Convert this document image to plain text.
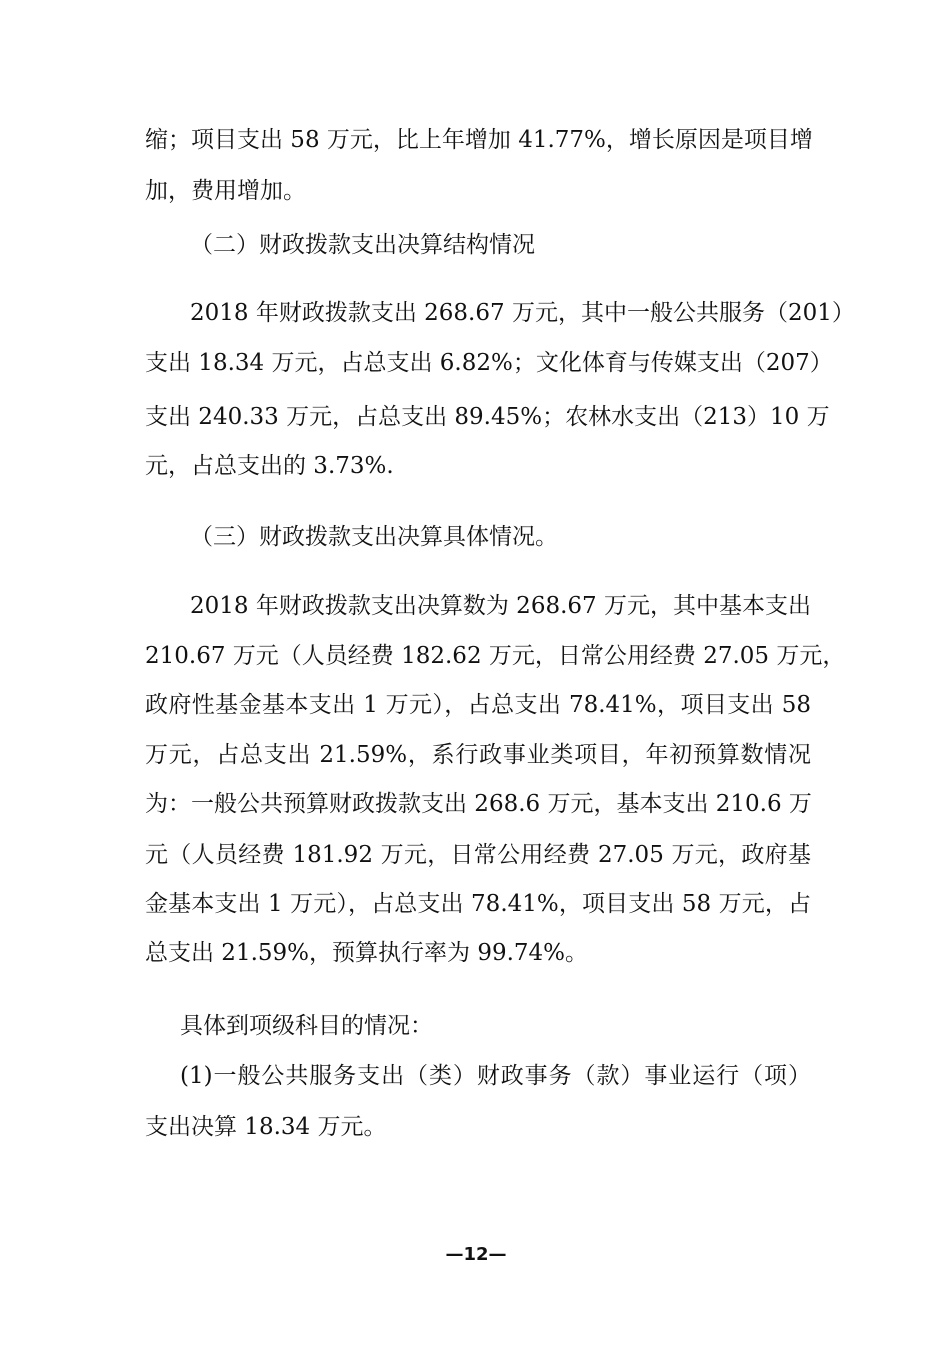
缩；项目支出 58 万元，比上年增加 41.77%，增长原因是项目增

加，费用增加。

（二）财政拨款支出决算结构情况

2018 年财政拨款支出 268.67 万元，其中一般公共服务（201）

支出 18.34 万元，占总支出 6.82%；文化体育与传媒支出（207）

支出 240.33 万元，占总支出 89.45%；农林水支出（213）10 万

元，占总支出的 3.73%.

（三）财政拨款支出决算具体情况。

2018 年财政拨款支出决算数为 268.67 万元，其中基本支出

210.67 万元（人员经费 182.62 万元，日常公用经费 27.05 万元，

政府性基金基本支出 1 万元），占总支出 78.41%，项目支出 58

万元，占总支出 21.59%，系行政事业类项目，年初预算数情况

为：一般公共预算财政拨款支出 268.6 万元，基本支出 210.6 万

元（人员经费 181.92 万元，日常公用经费 27.05 万元，政府基

金基本支出 1 万元），占总支出 78.41%，项目支出 58 万元，占

总支出 21.59%，预算执行率为 99.74%。

具体到项级科目的情况：

(1)一般公共服务支出（类）财政事务（款）事业运行（项）

支出决算 18.34 万元。

—12—
